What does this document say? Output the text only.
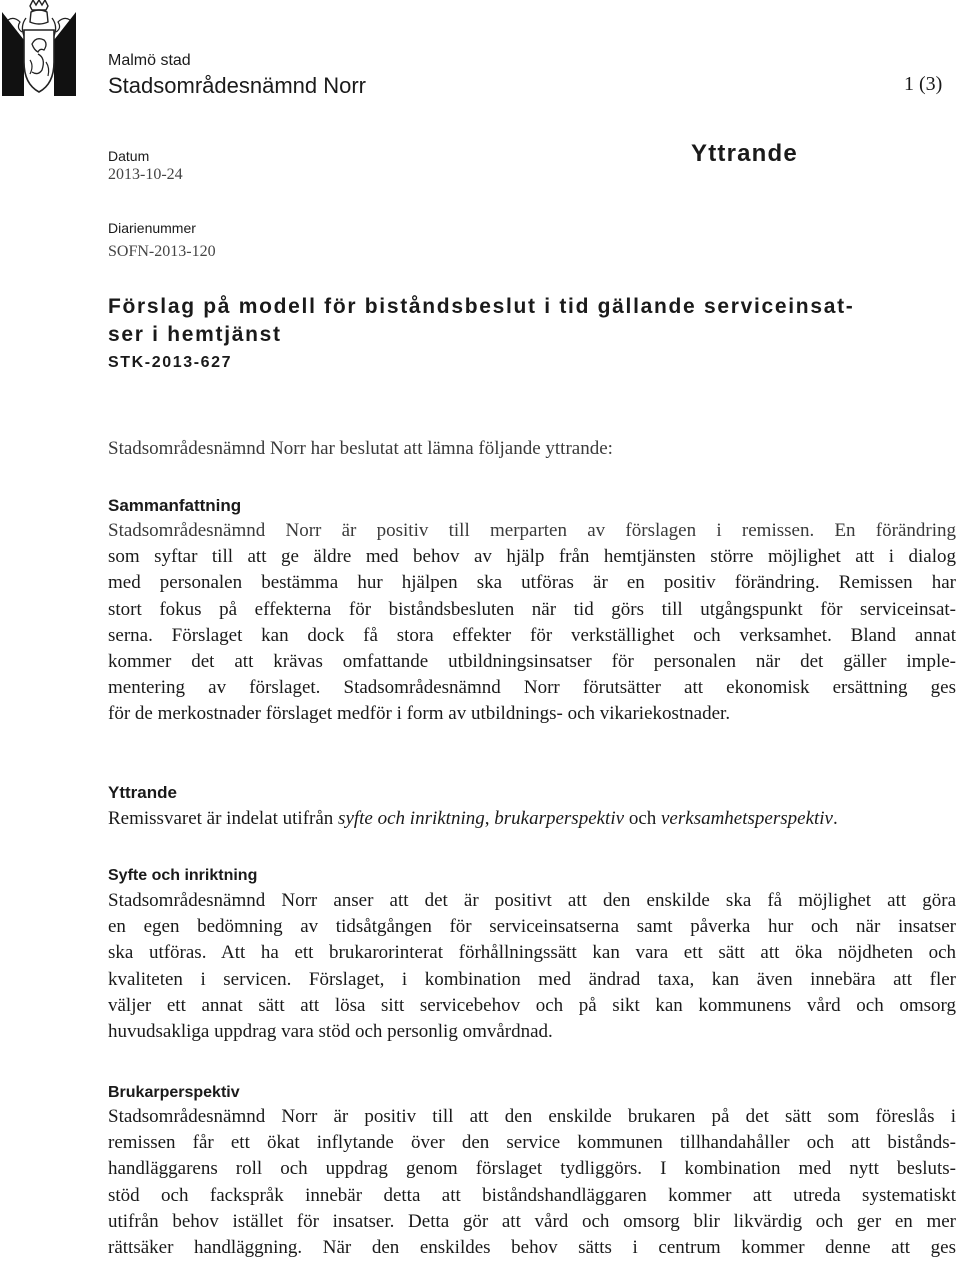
Malmö stad
Stadsområdesnämnd Norr	1 (3)
Datum
2013-10-24
Yttrande
Diarienummer
SOFN-2013-120
Förslag på modell för biståndsbeslut i tid gällande serviceinsat-
ser i hemtjänst
STK-2013-627

Stadsområdesnämnd Norr har beslutat att lämna följande yttrande:

Sammanfattning
Stadsområdesnämnd Norr är positiv till merparten av förslagen i remissen. En förändring
som syftar till att ge äldre med behov av hjälp från hemtjänsten större möjlighet att i dialog
med personalen bestämma hur hjälpen ska utföras är en positiv förändring. Remissen har
stort fokus på effekterna för biståndsbesluten när tid görs till utgångspunkt för serviceinsat-
serna. Förslaget kan dock få stora effekter för verkställighet och verksamhet. Bland annat
kommer det att krävas omfattande utbildningsinsatser för personalen när det gäller imple-
mentering av förslaget. Stadsområdesnämnd Norr förutsätter att ekonomisk ersättning ges
för de merkostnader förslaget medför i form av utbildnings- och vikariekostnader.
Yttrande

Remissvaret är indelat utifrån syfte och inriktning, brukarperspektiv och verksamhetsperspektiv.

Syfte och inriktning
Stadsområdesnämnd Norr anser att det är positivt att den enskilde ska få möjlighet att göra
en egen bedömning av tidsåtgången för serviceinsatserna samt påverka hur och när insatser
ska utföras. Att ha ett brukarorinterat förhållningssätt kan vara ett sätt att öka nöjdheten och
kvaliteten i servicen. Förslaget, i kombination med ändrad taxa, kan även innebära att fler
väljer ett annat sätt att lösa sitt servicebehov och på sikt kan kommunens vård och omsorg
huvudsakliga uppdrag vara stöd och personlig omvårdnad.
Brukarperspektiv
Stadsområdesnämnd Norr är positiv till att den enskilde brukaren på det sätt som föreslås i
remissen får ett ökat inflytande över den service kommunen tillhandahåller och att bistånds-
handläggarens roll och uppdrag genom förslaget tydliggörs. I kombination med nytt besluts-
stöd och fackspråk innebär detta att biståndshandläggaren kommer att utreda systematiskt
utifrån behov istället för insatser. Detta gör att vård och omsorg blir likvärdig och ger en mer
rättsäker handläggning. När den enskildes behov sätts i centrum kommer denne att ges
